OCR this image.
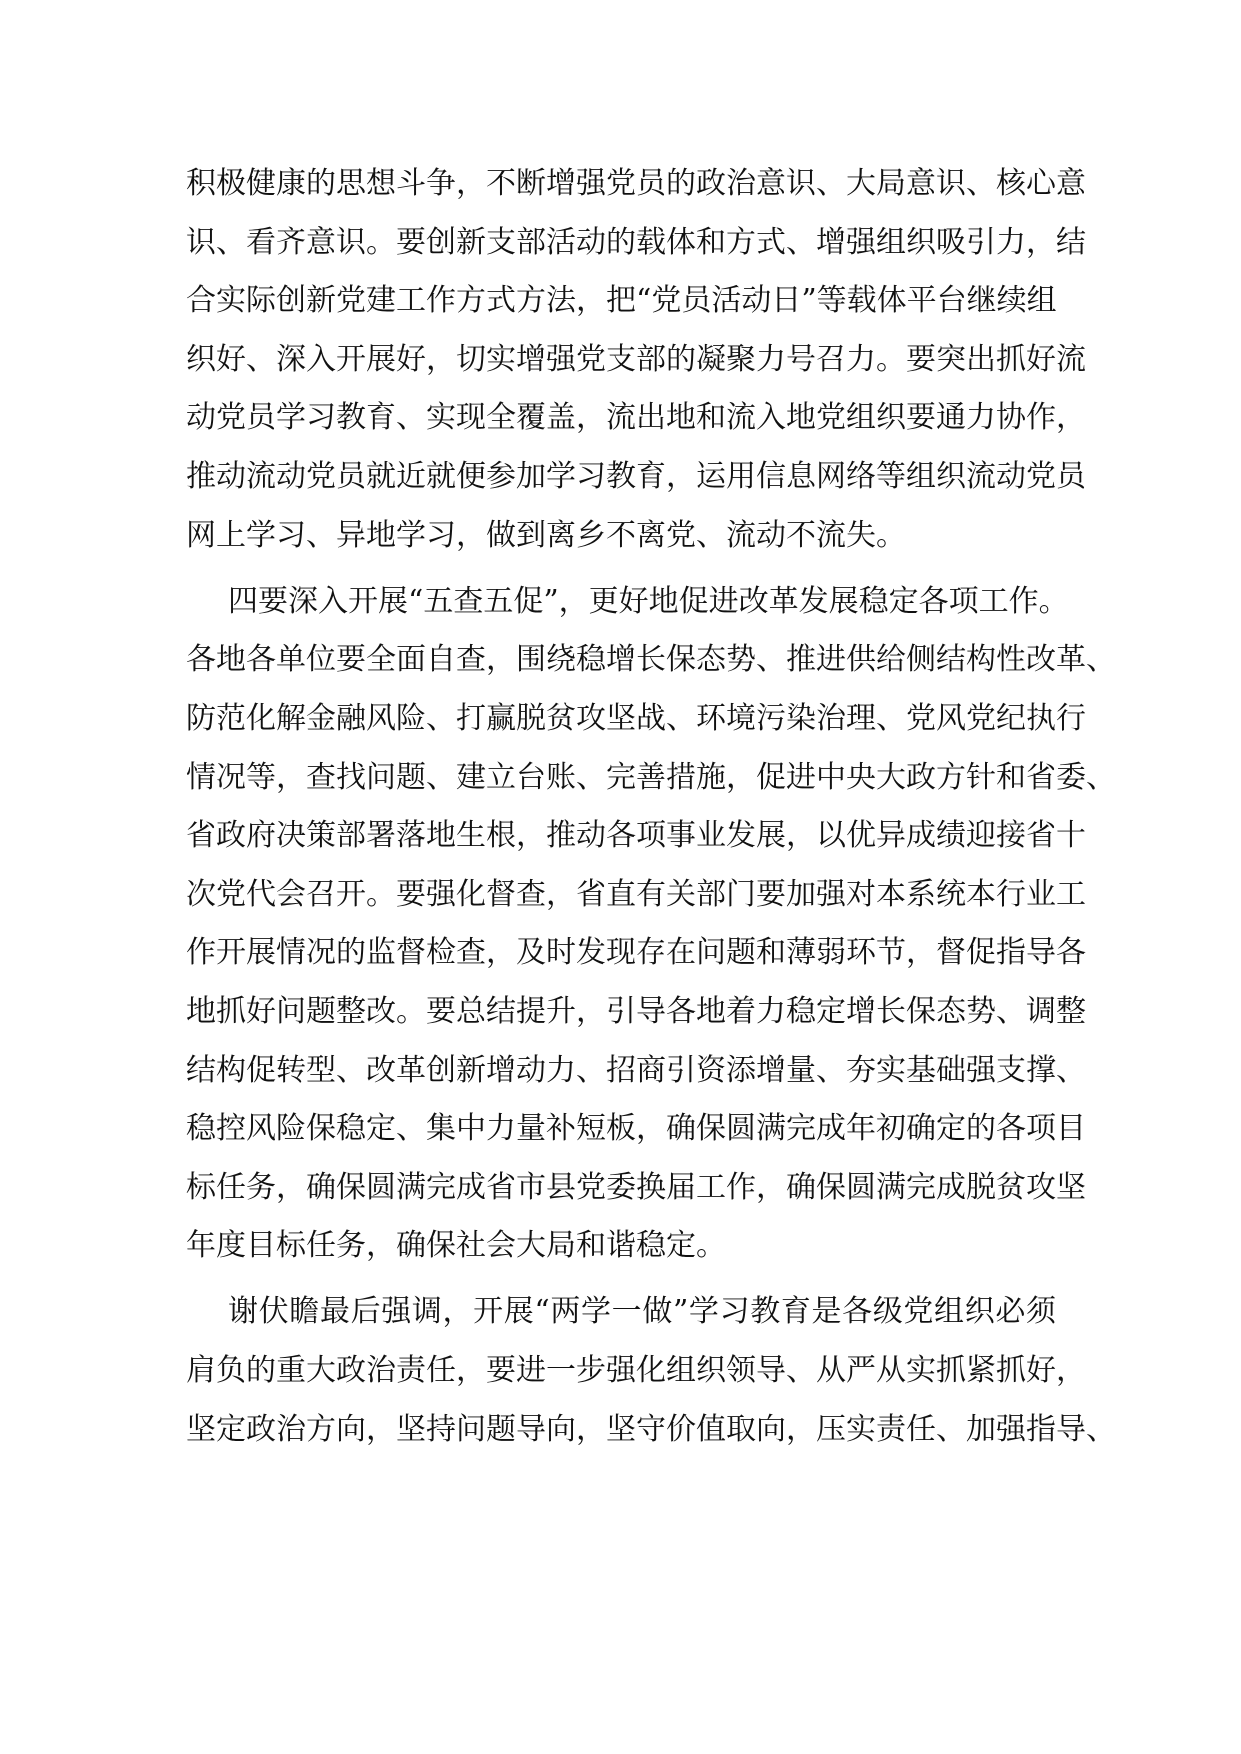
积极健康的思想斗争，不断增强党员的政治意识、大局意识、核心意
识、看齐意识。要创新支部活动的载体和方式、增强组织吸引力，结
合实际创新党建工作方式方法，把“党员活动日”等载体平台继续组
织好、深入开展好，切实增强党支部的凝聚力号召力。要突出抓好流
动党员学习教育、实现全覆盖，流出地和流入地党组织要通力协作，
推动流动党员就近就便参加学习教育，运用信息网络等组织流动党员
网上学习、异地学习，做到离乡不离党、流动不流失。
四要深入开展“五查五促”，更好地促进改革发展稳定各项工作。
各地各单位要全面自查，围绕稳增长保态势、推进供给侧结构性改革、
防范化解金融风险、打赢脱贫攻坚战、环境污染治理、党风党纪执行
情况等，查找问题、建立台账、完善措施，促进中央大政方针和省委、
省政府决策部署落地生根，推动各项事业发展，以优异成绩迎接省十
次党代会召开。要强化督查，省直有关部门要加强对本系统本行业工
作开展情况的监督检查，及时发现存在问题和薄弱环节，督促指导各
地抓好问题整改。要总结提升，引导各地着力稳定增长保态势、调整
结构促转型、改革创新增动力、招商引资添增量、夯实基础强支撑、
稳控风险保稳定、集中力量补短板，确保圆满完成年初确定的各项目
标任务，确保圆满完成省市县党委换届工作，确保圆满完成脱贫攻坚
年度目标任务，确保社会大局和谐稳定。
谢伏瞻最后强调，开展“两学一做”学习教育是各级党组织必须
肩负的重大政治责任，要进一步强化组织领导、从严从实抓紧抓好，
坚定政治方向，坚持问题导向，坚守价值取向，压实责任、加强指导、
